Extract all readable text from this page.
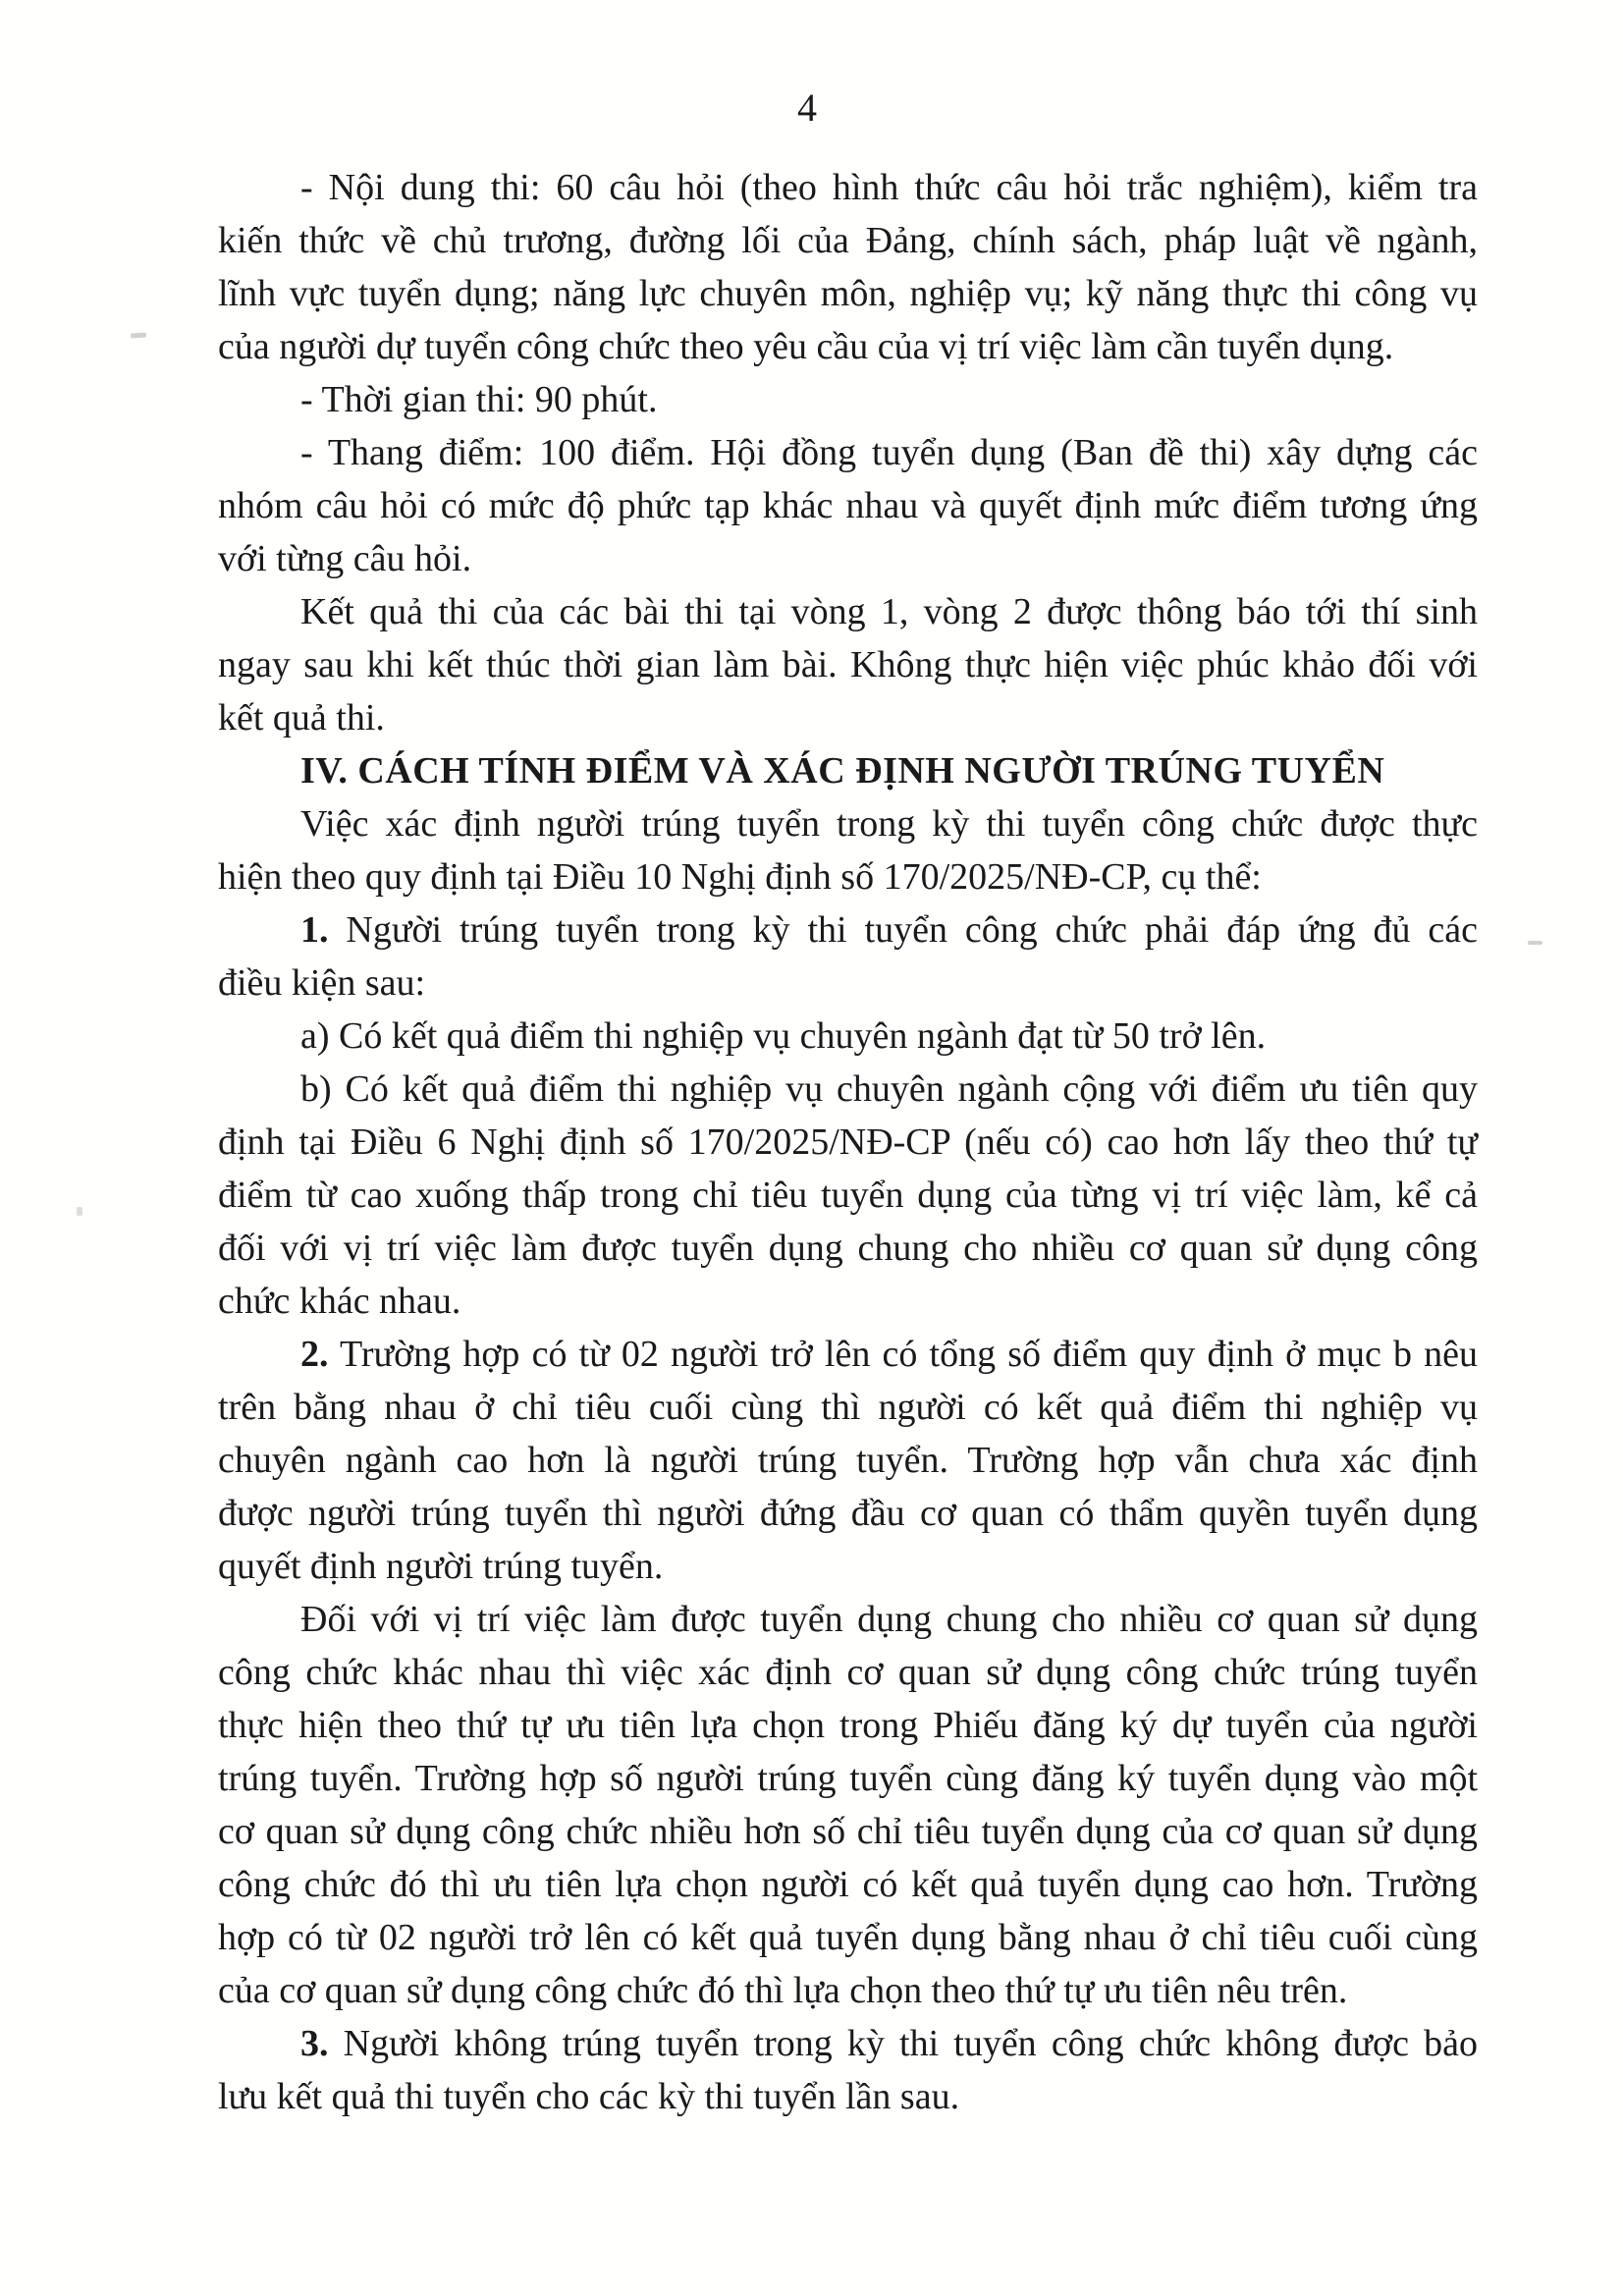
4
- Nội dung thi: 60 câu hỏi (theo hình thức câu hỏi trắc nghiệm), kiểm tra
kiến thức về chủ trương, đường lối của Đảng, chính sách, pháp luật về ngành,
lĩnh vực tuyển dụng; năng lực chuyên môn, nghiệp vụ; kỹ năng thực thi công vụ
của người dự tuyển công chức theo yêu cầu của vị trí việc làm cần tuyển dụng.
- Thời gian thi: 90 phút.
- Thang điểm: 100 điểm. Hội đồng tuyển dụng (Ban đề thi) xây dựng các
nhóm câu hỏi có mức độ phức tạp khác nhau và quyết định mức điểm tương ứng
với từng câu hỏi.
Kết quả thi của các bài thi tại vòng 1, vòng 2 được thông báo tới thí sinh
ngay sau khi kết thúc thời gian làm bài. Không thực hiện việc phúc khảo đối với
kết quả thi.
IV. CÁCH TÍNH ĐIỂM VÀ XÁC ĐỊNH NGƯỜI TRÚNG TUYỂN
Việc xác định người trúng tuyển trong kỳ thi tuyển công chức được thực
hiện theo quy định tại Điều 10 Nghị định số 170/2025/NĐ-CP, cụ thể:
1. Người trúng tuyển trong kỳ thi tuyển công chức phải đáp ứng đủ các
điều kiện sau:
a) Có kết quả điểm thi nghiệp vụ chuyên ngành đạt từ 50 trở lên.
b) Có kết quả điểm thi nghiệp vụ chuyên ngành cộng với điểm ưu tiên quy
định tại Điều 6 Nghị định số 170/2025/NĐ-CP (nếu có) cao hơn lấy theo thứ tự
điểm từ cao xuống thấp trong chỉ tiêu tuyển dụng của từng vị trí việc làm, kể cả
đối với vị trí việc làm được tuyển dụng chung cho nhiều cơ quan sử dụng công
chức khác nhau.
2. Trường hợp có từ 02 người trở lên có tổng số điểm quy định ở mục b nêu
trên bằng nhau ở chỉ tiêu cuối cùng thì người có kết quả điểm thi nghiệp vụ
chuyên ngành cao hơn là người trúng tuyển. Trường hợp vẫn chưa xác định
được người trúng tuyển thì người đứng đầu cơ quan có thẩm quyền tuyển dụng
quyết định người trúng tuyển.
Đối với vị trí việc làm được tuyển dụng chung cho nhiều cơ quan sử dụng
công chức khác nhau thì việc xác định cơ quan sử dụng công chức trúng tuyển
thực hiện theo thứ tự ưu tiên lựa chọn trong Phiếu đăng ký dự tuyển của người
trúng tuyển. Trường hợp số người trúng tuyển cùng đăng ký tuyển dụng vào một
cơ quan sử dụng công chức nhiều hơn số chỉ tiêu tuyển dụng của cơ quan sử dụng
công chức đó thì ưu tiên lựa chọn người có kết quả tuyển dụng cao hơn. Trường
hợp có từ 02 người trở lên có kết quả tuyển dụng bằng nhau ở chỉ tiêu cuối cùng
của cơ quan sử dụng công chức đó thì lựa chọn theo thứ tự ưu tiên nêu trên.
3. Người không trúng tuyển trong kỳ thi tuyển công chức không được bảo
lưu kết quả thi tuyển cho các kỳ thi tuyển lần sau.
